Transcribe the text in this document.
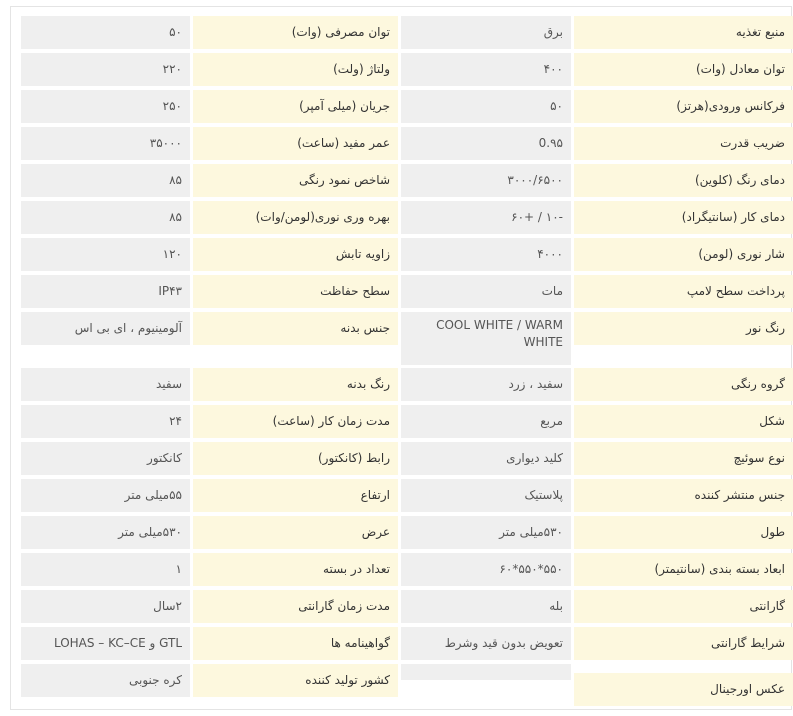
منبع تغذیه
برق
توان مصرفی (وات)
۵۰
توان معادل (وات)
۴۰۰
ولتاژ (ولت)
۲۲۰
فرکانس ورودی(هرتز)
۵۰
جریان (میلی آمپر)
۲۵۰
ضریب قدرت
0.۹۵
عمر مفید (ساعت)
۳۵۰۰۰
دمای رنگ (کلوین)
۳۰۰۰/۶۵۰۰
شاخص نمود رنگی
۸۵
دمای کار (سانتیگراد)
-۱۰ / +۶۰
بهره وری نوری(لومن/وات)
۸۵
شار نوری (لومن)
۴۰۰۰
زاویه تابش
۱۲۰
پرداخت سطح لامپ
مات
سطح حفاظت
IP۴۳
رنگ نور
COOL WHITE / WARM WHITE
جنس بدنه
آلومینیوم ، ای بی اس
گروه رنگی
سفید ، زرد
رنگ بدنه
سفید
شکل
مربع
مدت زمان کار (ساعت)
۲۴
نوع سوئیچ
کلید دیواری
رابط (کانکتور)
کانکتور
جنس منتشر کننده
پلاستیک
ارتفاع
۵۵میلی متر
طول
۵۳۰میلی متر
عرض
۵۳۰میلی متر
ابعاد بسته بندی (سانتیمتر)
۵۵۰*۵۵۰*۶۰
تعداد در بسته
۱
گارانتی
بله
مدت زمان گارانتی
۲سال
شرایط گارانتی
تعویض بدون قید وشرط
گواهینامه ها
LOHAS – KC–CE و GTL
عکس اورجینال
کشور تولید کننده
کره جنوبی
